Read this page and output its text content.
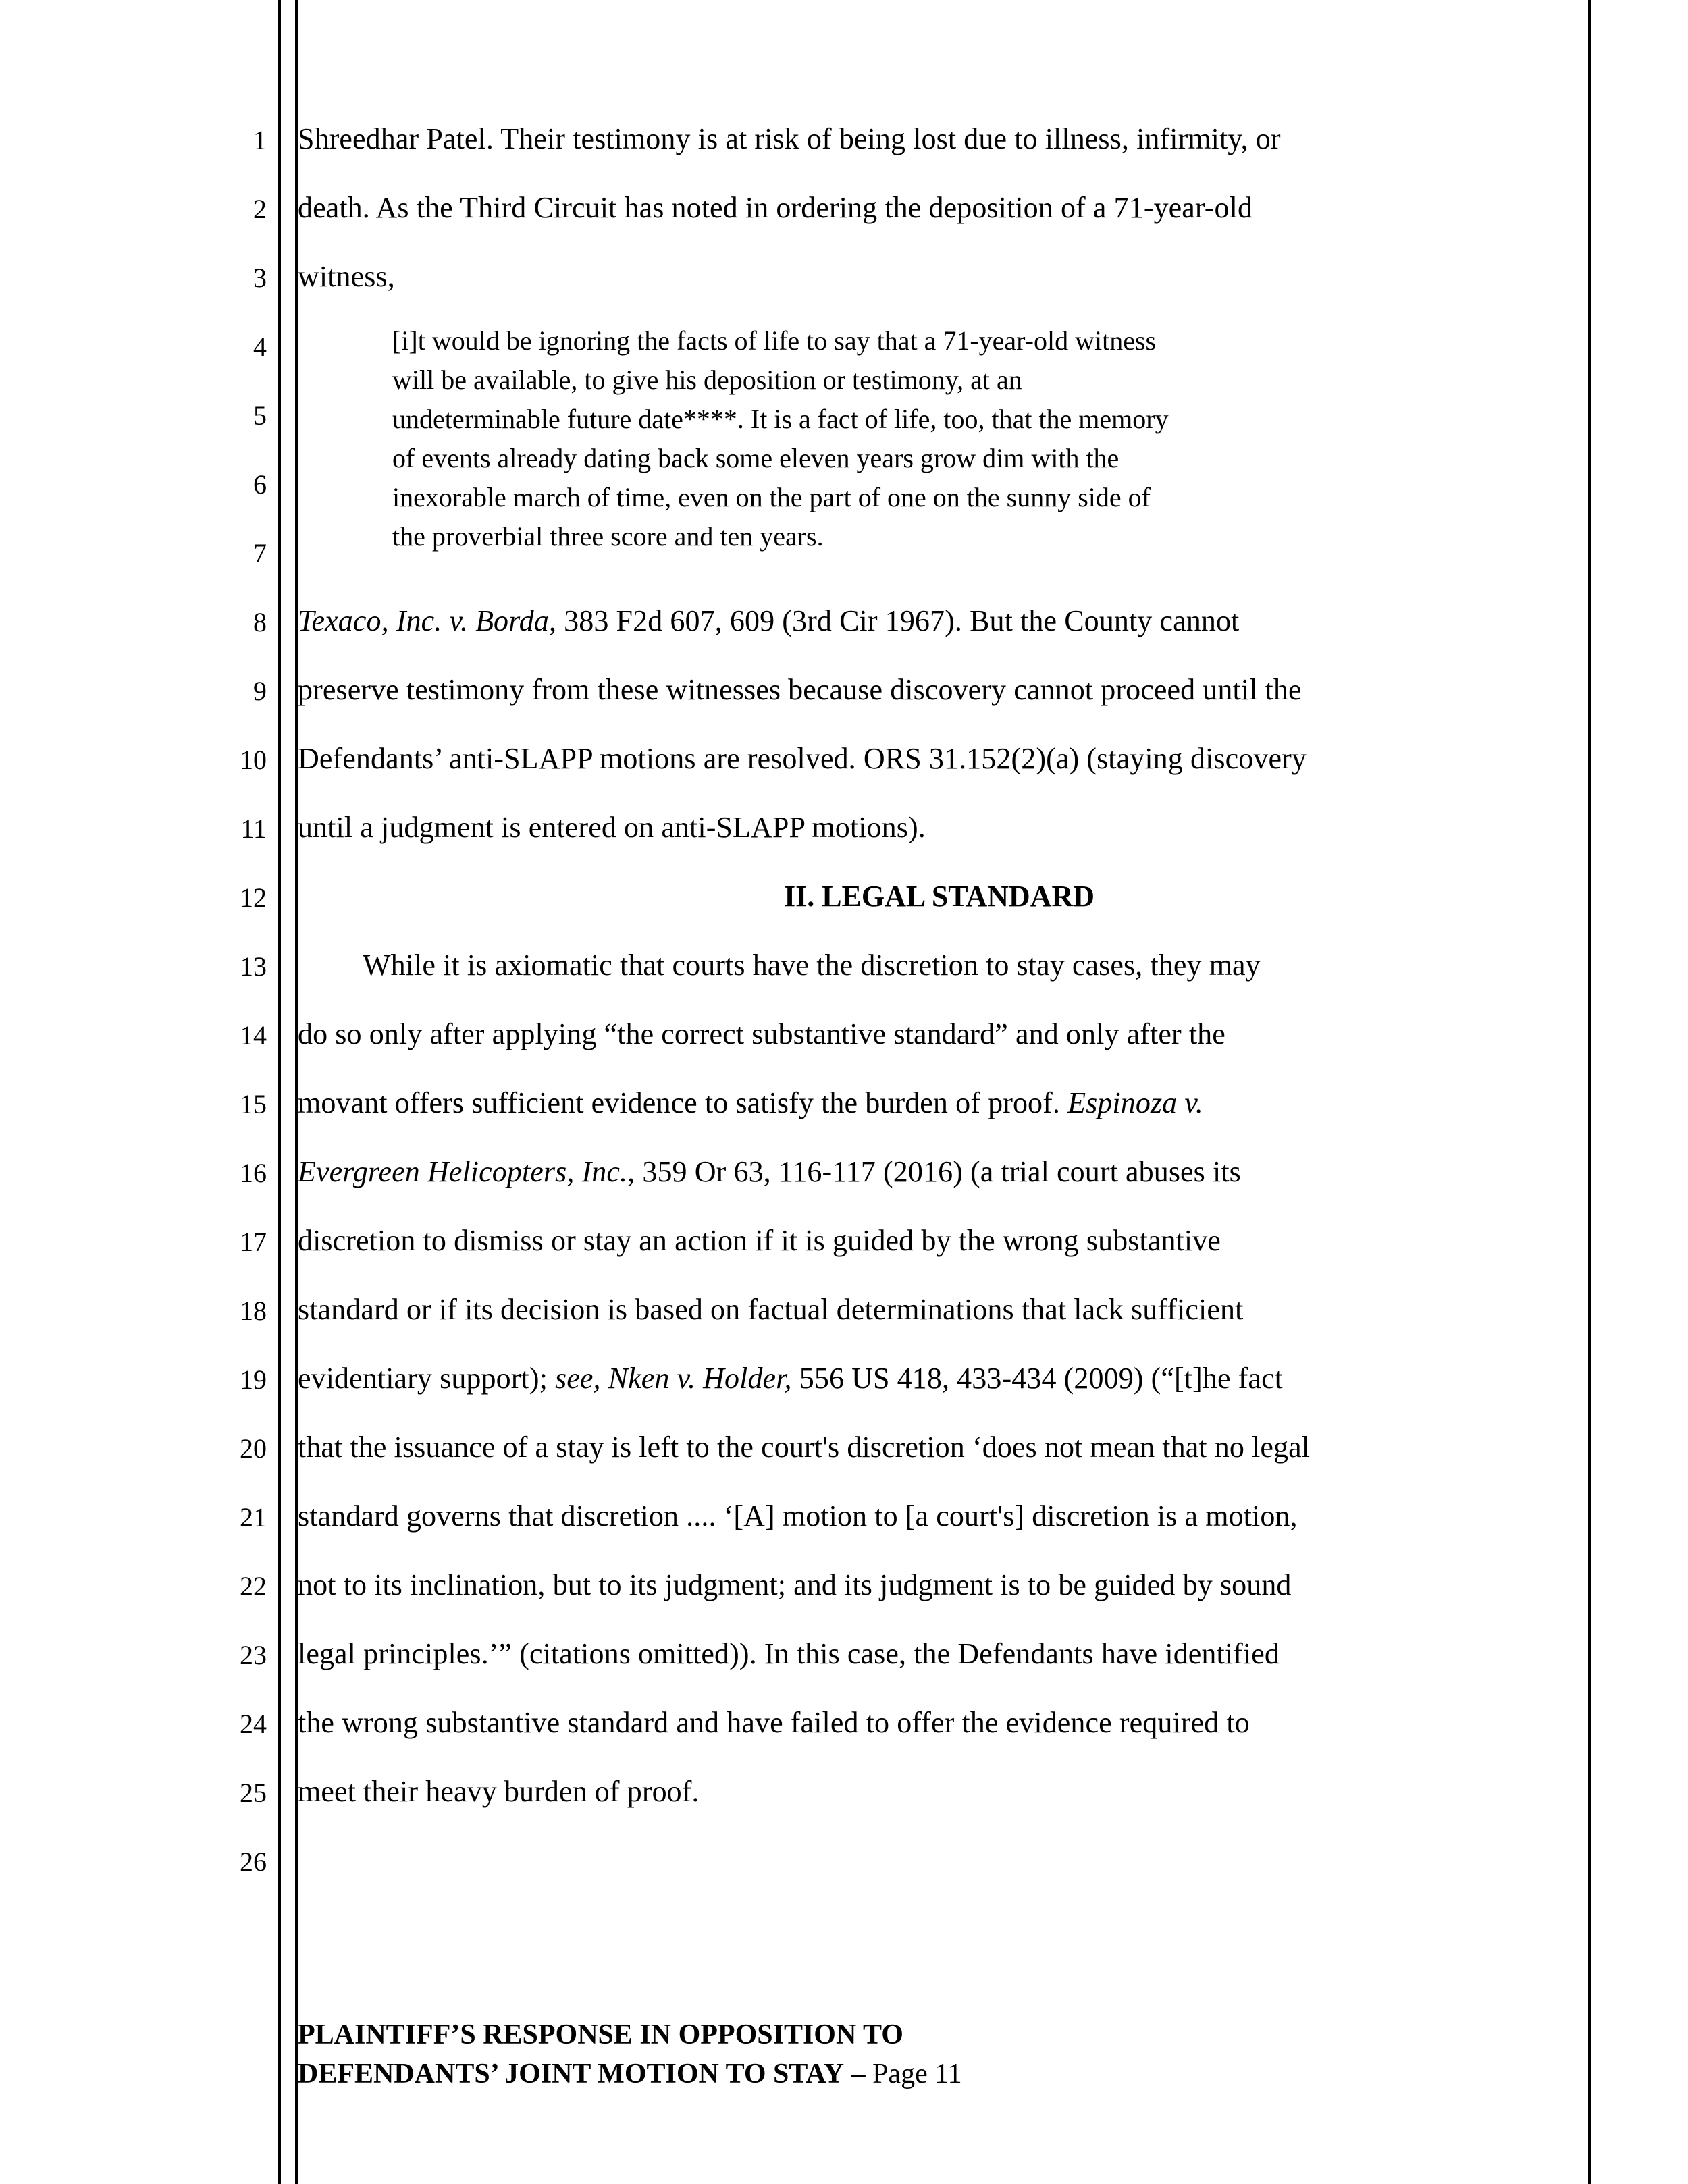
1
2
3
4
5
6
7
8
9
10
11
12
13
14
15
16
17
18
19
20
21
22
23
24
25
26
Shreedhar Patel. Their testimony is at risk of being lost due to illness, infirmity, or
death. As the Third Circuit has noted in ordering the deposition of a 71-year-old
witness,
[i]t would be ignoring the facts of life to say that a 71-year-old witness
will be available, to give his deposition or testimony, at an
undeterminable future date****. It is a fact of life, too, that the memory
of events already dating back some eleven years grow dim with the
inexorable march of time, even on the part of one on the sunny side of
the proverbial three score and ten years.
Texaco, Inc. v. Borda, 383 F2d 607, 609 (3rd Cir 1967). But the County cannot
preserve testimony from these witnesses because discovery cannot proceed until the
Defendants’ anti-SLAPP motions are resolved. ORS 31.152(2)(a) (staying discovery
until a judgment is entered on anti-SLAPP motions).
II. LEGAL STANDARD
While it is axiomatic that courts have the discretion to stay cases, they may
do so only after applying “the correct substantive standard” and only after the
movant offers sufficient evidence to satisfy the burden of proof. Espinoza v.
Evergreen Helicopters, Inc., 359 Or 63, 116-117 (2016) (a trial court abuses its
discretion to dismiss or stay an action if it is guided by the wrong substantive
standard or if its decision is based on factual determinations that lack sufficient
evidentiary support); see, Nken v. Holder, 556 US 418, 433-434 (2009) (“[t]he fact
that the issuance of a stay is left to the court's discretion ‘does not mean that no legal
standard governs that discretion .... ‘[A] motion to [a court's] discretion is a motion,
not to its inclination, but to its judgment; and its judgment is to be guided by sound
legal principles.’” (citations omitted)). In this case, the Defendants have identified
the wrong substantive standard and have failed to offer the evidence required to
meet their heavy burden of proof.
PLAINTIFF’S RESPONSE IN OPPOSITION TO
DEFENDANTS’ JOINT MOTION TO STAY – Page 11
